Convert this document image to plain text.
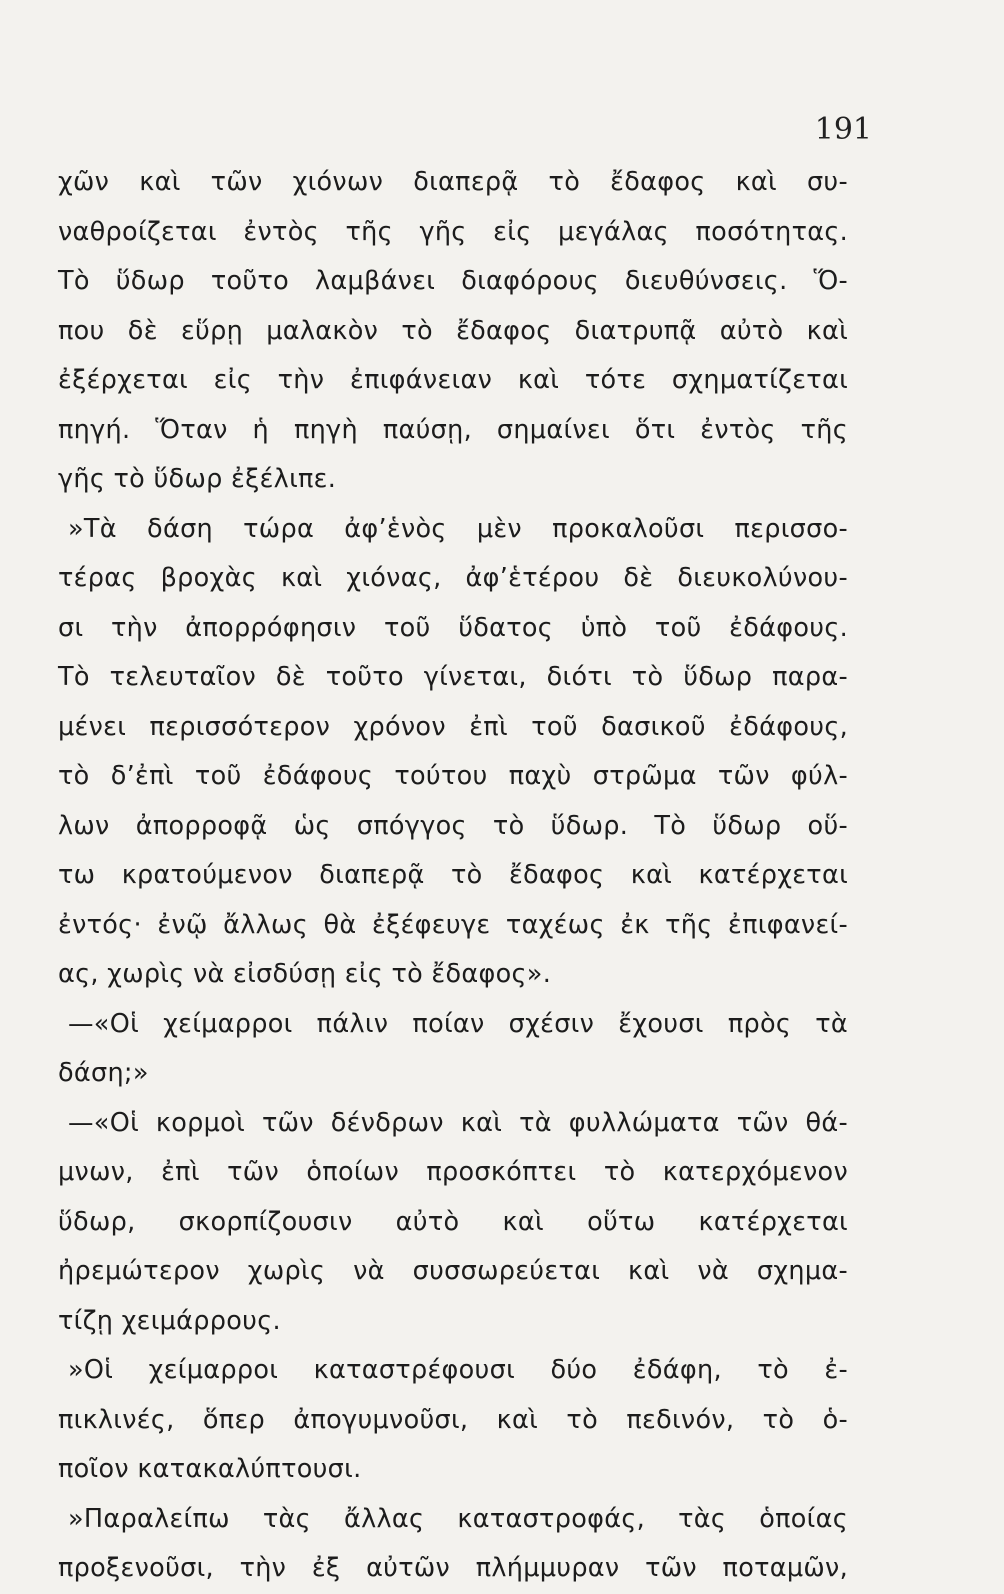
191
χῶν καὶ τῶν χιόνων διαπερᾷ τὸ ἔδαφος καὶ συ-
ναθροίζεται ἐντὸς τῆς γῆς εἰς μεγάλας ποσότητας.
Τὸ ὕδωρ τοῦτο λαμβάνει διαφόρους διευθύνσεις. Ὅ-
που δὲ εὕρῃ μαλακὸν τὸ ἔδαφος διατρυπᾷ αὐτὸ καὶ
ἐξέρχεται εἰς τὴν ἐπιφάνειαν καὶ τότε σχηματίζεται
πηγή. Ὅταν ἡ πηγὴ παύσῃ, σημαίνει ὅτι ἐντὸς τῆς
γῆς τὸ ὕδωρ ἐξέλιπε.
»Τὰ δάση τώρα ἀφ’ἑνὸς μὲν προκαλοῦσι περισσο-
τέρας βροχὰς καὶ χιόνας, ἀφ’ἑτέρου δὲ διευκολύνου-
σι τὴν ἀπορρόφησιν τοῦ ὕδατος ὑπὸ τοῦ ἐδάφους.
Τὸ τελευταῖον δὲ τοῦτο γίνεται, διότι τὸ ὕδωρ παρα-
μένει περισσότερον χρόνον ἐπὶ τοῦ δασικοῦ ἐδάφους,
τὸ δ’ἐπὶ τοῦ ἐδάφους τούτου παχὺ στρῶμα τῶν φύλ-
λων ἀπορροφᾷ ὡς σπόγγος τὸ ὕδωρ. Τὸ ὕδωρ οὕ-
τω κρατούμενον διαπερᾷ τὸ ἔδαφος καὶ κατέρχεται
ἐντός· ἐνῷ ἄλλως θὰ ἐξέφευγε ταχέως ἐκ τῆς ἐπιφανεί-
ας, χωρὶς νὰ εἰσδύσῃ εἰς τὸ ἔδαφος».
—«Οἱ χείμαρροι πάλιν ποίαν σχέσιν ἔχουσι πρὸς τὰ
δάση;»
—«Οἱ κορμοὶ τῶν δένδρων καὶ τὰ φυλλώματα τῶν θά-
μνων, ἐπὶ τῶν ὁποίων προσκόπτει τὸ κατερχόμενον
ὕδωρ, σκορπίζουσιν αὐτὸ καὶ οὕτω κατέρχεται
ἠρεμώτερον χωρὶς νὰ συσσωρεύεται καὶ νὰ σχημα-
τίζῃ χειμάρρους.
»Οἱ χείμαρροι καταστρέφουσι δύο ἐδάφη, τὸ ἐ-
πικλινές, ὅπερ ἀπογυμνοῦσι, καὶ τὸ πεδινόν, τὸ ὁ-
ποῖον κατακαλύπτουσι.
»Παραλείπω τὰς ἄλλας καταστροφάς, τὰς ὁποίας
προξενοῦσι, τὴν ἐξ αὐτῶν πλήμμυραν τῶν ποταμῶν,
